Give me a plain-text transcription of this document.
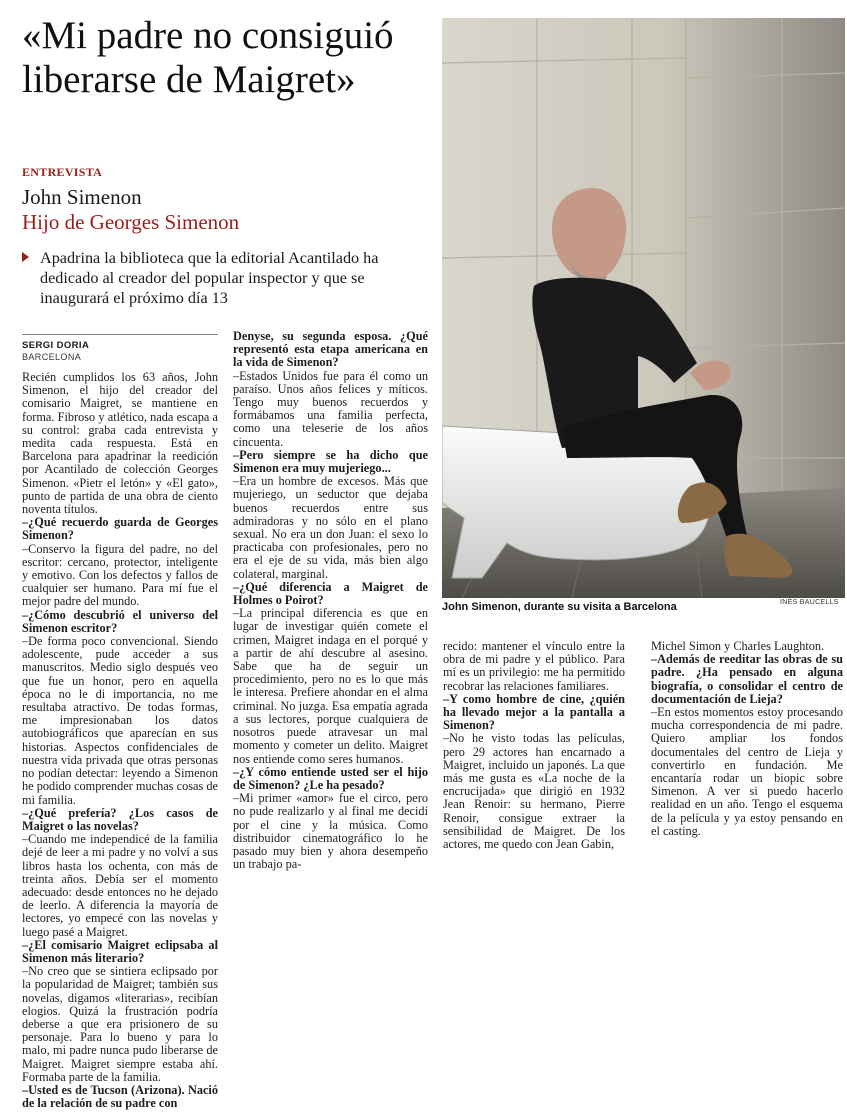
«Mi padre no consiguió liberarse de Maigret»
ENTREVISTA
John Simenon
Hijo de Georges Simenon
Apadrina la biblioteca que la editorial Acantilado ha dedicado al creador del popular inspector y que se inaugurará el próximo día 13
SERGI DORIA
BARCELONA
John Simenon, durante su visita a Barcelona	INÉS BAUCELLS

Recién cumplidos los 63 años, John Simenon, el hijo del creador del comisario Maigret, se mantiene en forma. Fibroso y atlético, nada escapa a su control: graba cada entrevista y medita cada respuesta. Está en Barcelona para apadrinar la reedición por Acantilado de colección Georges Simenon. «Pietr el letón» y «El gato», punto de partida de una obra de ciento noventa títulos.

–¿Qué recuerdo guarda de Georges Simenon?

–Conservo la figura del padre, no del escritor: cercano, protector, inteligente y emotivo. Con los defectos y fallos de cualquier ser humano. Para mí fue el mejor padre del mundo.

–¿Cómo descubrió el universo del Simenon escritor?

–De forma poco convencional. Siendo adolescente, pude acceder a sus manuscritos. Medio siglo después veo que fue un honor, pero en aquella época no le di importancia, no me resultaba atractivo. De todas formas, me impresionaban los datos autobiográficos que aparecían en sus historias. Aspectos confidenciales de nuestra vida privada que otras personas no podían detectar: leyendo a Simenon he podido comprender muchas cosas de mi familia.

–¿Qué prefería? ¿Los casos de Maigret o las novelas?

–Cuando me independicé de la familia dejé de leer a mi padre y no volví a sus libros hasta los ochenta, con más de treinta años. Debía ser el momento adecuado: desde entonces no he dejado de leerlo. A diferencia la mayoría de lectores, yo empecé con las novelas y luego pasé a Maigret.

–¿El comisario Maigret eclipsaba al Simenon más literario?

–No creo que se sintiera eclipsado por la popularidad de Maigret; también sus novelas, digamos «literarias», recibían elogios. Quizá la frustración podría deberse a que era prisionero de su personaje. Para lo bueno y para lo malo, mi padre nunca pudo liberarse de Maigret. Maigret siempre estaba ahí. Formaba parte de la familia.

–Usted es de Tucson (Arizona). Nació de la relación de su padre con

Denyse, su segunda esposa. ¿Qué representó esta etapa americana en la vida de Simenon?

–Estados Unidos fue para él como un paraíso. Unos años felices y míticos. Tengo muy buenos recuerdos y formábamos una familia perfecta, como una teleserie de los años cincuenta.

–Pero siempre se ha dicho que Simenon era muy mujeriego...

–Era un hombre de excesos. Más que mujeriego, un seductor que dejaba buenos recuerdos entre sus admiradoras y no sólo en el plano sexual. No era un don Juan: el sexo lo practicaba con profesionales, pero no era el eje de su vida, más bien algo colateral, marginal.

–¿Qué diferencia a Maigret de Holmes o Poirot?

–La principal diferencia es que en lugar de investigar quién comete el crimen, Maigret indaga en el porqué y a partir de ahí descubre al asesino. Sabe que ha de seguir un procedimiento, pero no es lo que más le interesa. Prefiere ahondar en el alma criminal. No juzga. Esa empatía agrada a sus lectores, porque cualquiera de nosotros puede atravesar un mal momento y cometer un delito. Maigret nos entiende como seres humanos.

–¿Y cómo entiende usted ser el hijo de Simenon? ¿Le ha pesado?

–Mi primer «amor» fue el circo, pero no pude realizarlo y al final me decidí por el cine y la música. Como distribuidor cinematográfico lo he pasado muy bien y ahora desempeño un trabajo pa-

recido: mantener el vínculo entre la obra de mi padre y el público. Para mí es un privilegio: me ha permitido recobrar las relaciones familiares.

–Y como hombre de cine, ¿quién ha llevado mejor a la pantalla a Simenon?

–No he visto todas las películas, pero 29 actores han encarnado a Maigret, incluido un japonés. La que más me gusta es «La noche de la encrucijada» que dirigió en 1932 Jean Renoir: su hermano, Pierre Renoir, consigue extraer la sensibilidad de Maigret. De los actores, me quedo con Jean Gabin,

Michel Simon y Charles Laughton.

–Además de reeditar las obras de su padre. ¿Ha pensado en alguna biografía, o consolidar el centro de documentación de Lieja?

–En estos momentos estoy procesando mucha correspondencia de mi padre. Quiero ampliar los fondos documentales del centro de Lieja y convertirlo en fundación. Me encantaría rodar un biopic sobre Simenon. A ver si puedo hacerlo realidad en un año. Tengo el esquema de la película y ya estoy pensando en el casting.
